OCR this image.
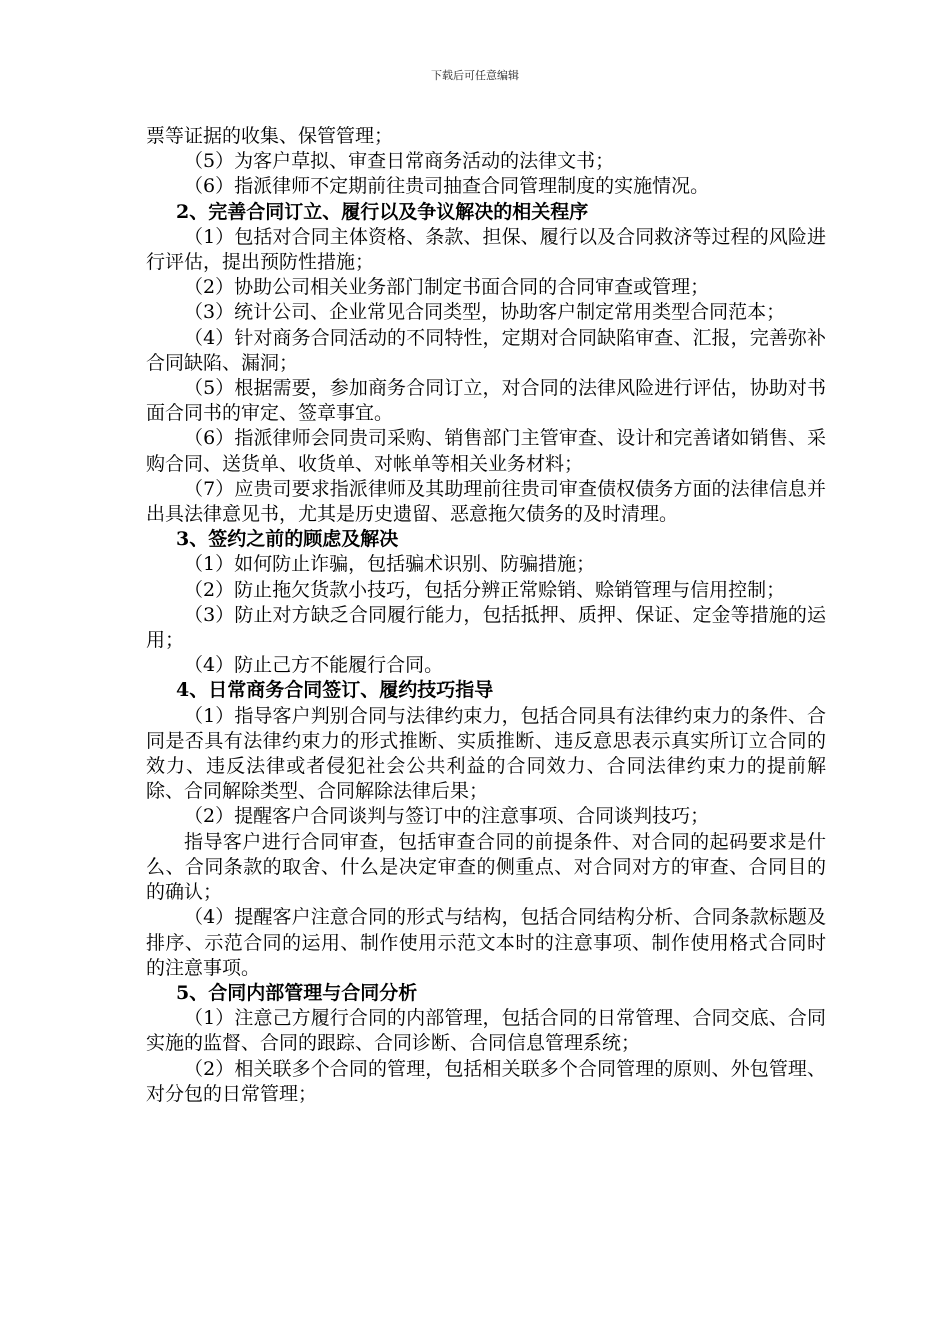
下载后可任意编辑

票等证据的收集、保管管理；

（5）为客户草拟、审查日常商务活动的法律文书；

（6）指派律师不定期前往贵司抽查合同管理制度的实施情况。

2、完善合同订立、履行以及争议解决的相关程序

（1）包括对合同主体资格、条款、担保、履行以及合同救济等过程的风险进行评估，提出预防性措施；

（2）协助公司相关业务部门制定书面合同的合同审查或管理；

（3）统计公司、企业常见合同类型，协助客户制定常用类型合同范本；

（4）针对商务合同活动的不同特性，定期对合同缺陷审查、汇报，完善弥补合同缺陷、漏洞；

（5）根据需要，参加商务合同订立，对合同的法律风险进行评估，协助对书面合同书的审定、签章事宜。

（6）指派律师会同贵司采购、销售部门主管审查、设计和完善诸如销售、采购合同、送货单、收货单、对帐单等相关业务材料；

（7）应贵司要求指派律师及其助理前往贵司审查债权债务方面的法律信息并出具法律意见书，尤其是历史遗留、恶意拖欠债务的及时清理。

3、签约之前的顾虑及解决

（1）如何防止诈骗，包括骗术识别、防骗措施；

（2）防止拖欠货款小技巧，包括分辨正常赊销、赊销管理与信用控制；

（3）防止对方缺乏合同履行能力，包括抵押、质押、保证、定金等措施的运用；

（4）防止己方不能履行合同。

4、日常商务合同签订、履约技巧指导

（1）指导客户判别合同与法律约束力，包括合同具有法律约束力的条件、合同是否具有法律约束力的形式推断、实质推断、违反意思表示真实所订立合同的效力、违反法律或者侵犯社会公共利益的合同效力、合同法律约束力的提前解除、合同解除类型、合同解除法律后果；

（2）提醒客户合同谈判与签订中的注意事项、合同谈判技巧；

指导客户进行合同审查，包括审查合同的前提条件、对合同的起码要求是什么、合同条款的取舍、什么是决定审查的侧重点、对合同对方的审查、合同目的的确认；

（4）提醒客户注意合同的形式与结构，包括合同结构分析、合同条款标题及排序、示范合同的运用、制作使用示范文本时的注意事项、制作使用格式合同时的注意事项。

5、合同内部管理与合同分析

（1）注意己方履行合同的内部管理，包括合同的日常管理、合同交底、合同实施的监督、合同的跟踪、合同诊断、合同信息管理系统；

（2）相关联多个合同的管理，包括相关联多个合同管理的原则、外包管理、对分包的日常管理；
